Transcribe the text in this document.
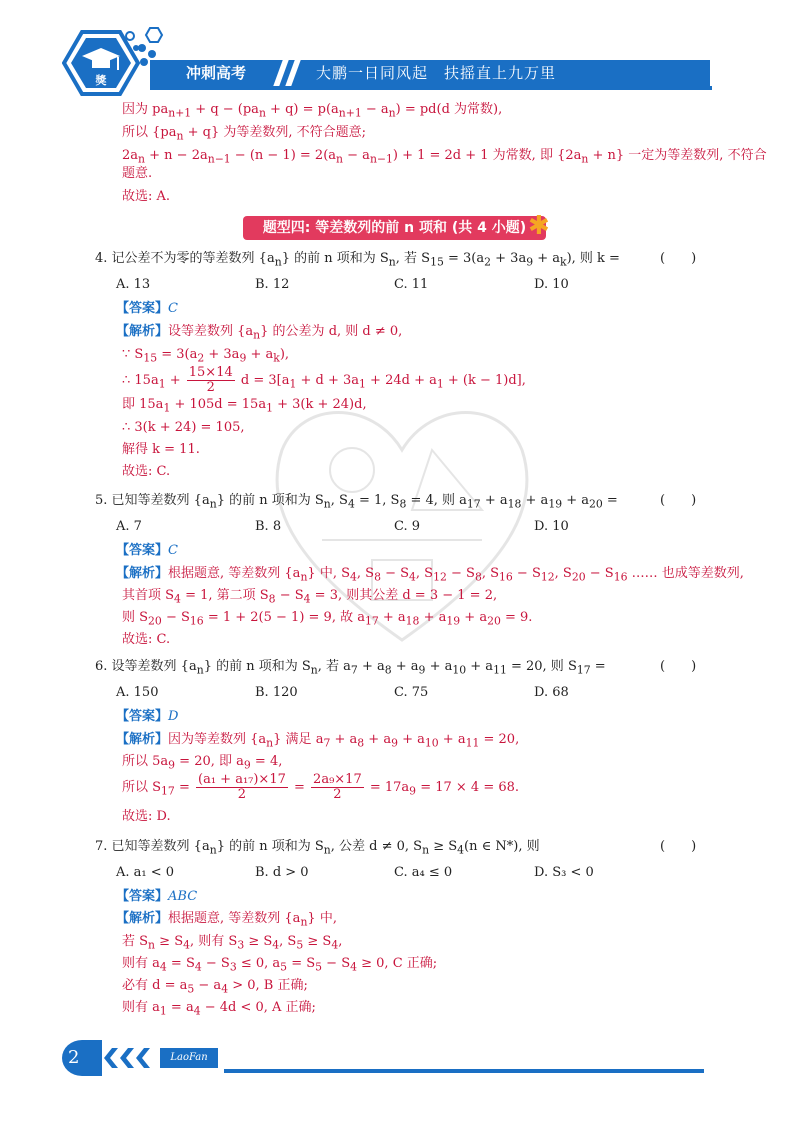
獎	冲刺高考	大鹏一日同风起　扶摇直上九万里
因为 $pa_{n+1} + q - (pa_n + q) = p(a_{n+1} - a_n) = pd(d$ 为常数),
所以 $\{pa_n + q\}$ 为等差数列, 不符合题意;
$2a_n + n - 2a_{n-1} - (n - 1) = 2(a_n - a_{n-1}) + 1 = 2d + 1$ 为常数, 即 $\{2a_n + n\}$ 一定为等差数列, 不符合
题意.
故选: A.
题型四: 等差数列的前 n 项和 (共 4 小题) ✱
4. 记公差不为零的等差数列 $\{a_n\}$ 的前 n 项和为 $S_n$, 若 $S_{15} = 3(a_2 + 3a_9 + a_k)$, 则 k =	(　　)
A. 13	B. 12	C. 11	D. 10
【答案】C
【解析】设等差数列 $\{a_n\}$ 的公差为 d, 则 d ≠ 0,
∵ $S_{15} = 3(a_2 + 3a_9 + a_k)$,
∴ $15a_1 + \frac{15\times 14}{2}$ $d = 3[a_1 + d + 3a_1 + 24d + a_1 + (k - 1)d]$,
即 $15a_1 + 105d = 15a_1 + 3(k + 24)d$,
∴ 3(k + 24) = 105,
解得 k = 11.
故选: C.
5. 已知等差数列 $\{a_n\}$ 的前 n 项和为 $S_n$, $S_4 = 1$, $S_8 = 4$, 则 $a_{17} + a_{18} + a_{19} + a_{20}$ =	(　　)
A. 7	B. 8	C. 9	D. 10
【答案】C
【解析】根据题意, 等差数列 $\{a_n\}$ 中, $S_4$, $S_8 - S_4$, $S_{12} - S_8$, $S_{16} - S_{12}$, $S_{20} - S_{16}$ …… 也成等差数列,
其首项 $S_4 = 1$, 第二项 $S_8 - S_4 = 3$, 则其公差 d = 3 − 1 = 2,
则 $S_{20} - S_{16} = 1 + 2(5 - 1) = 9$, 故 $a_{17} + a_{18} + a_{19} + a_{20} = 9$.
故选: C.
6. 设等差数列 $\{a_n\}$ 的前 n 项和为 $S_n$, 若 $a_7 + a_8 + a_9 + a_{10} + a_{11} = 20$, 则 $S_{17}$ =	(　　)
A. 150	B. 120	C. 75	D. 68
【答案】D
【解析】因为等差数列 $\{a_n\}$ 满足 $a_7 + a_8 + a_9 + a_{10} + a_{11} = 20$,
所以 $5a_9 = 20$, 即 $a_9 = 4$,
所以 $S_{17} = \frac{\text{(a₁ + a₁₇)×17}}{2} = \frac{\text{2a₉×17}}{2} = 17a_9 = 17 \times 4 = 68$.
故选: D.
7. 已知等差数列 $\{a_n\}$ 的前 n 项和为 $S_n$, 公差 d ≠ 0, $S_n \ge S_4(n$ ∈ N*), 则	(　　)
A. a₁ < 0	B. d > 0	C. a₄ ≤ 0	D. S₃ < 0
【答案】ABC
【解析】根据题意, 等差数列 $\{a_n\}$ 中,
若 $S_n \ge S_4$, 则有 $S_3 \ge S_4$, $S_5 \ge S_4$,
则有 $a_4 = S_4 - S_3 \le 0$, $a_5 = S_5 - S_4 \ge 0$, C 正确;
必有 $d = a_5 - a_4 > 0$, B 正确;
则有 $a_1 = a_4 - 4d < 0$, A 正确;
2	LaoFan
